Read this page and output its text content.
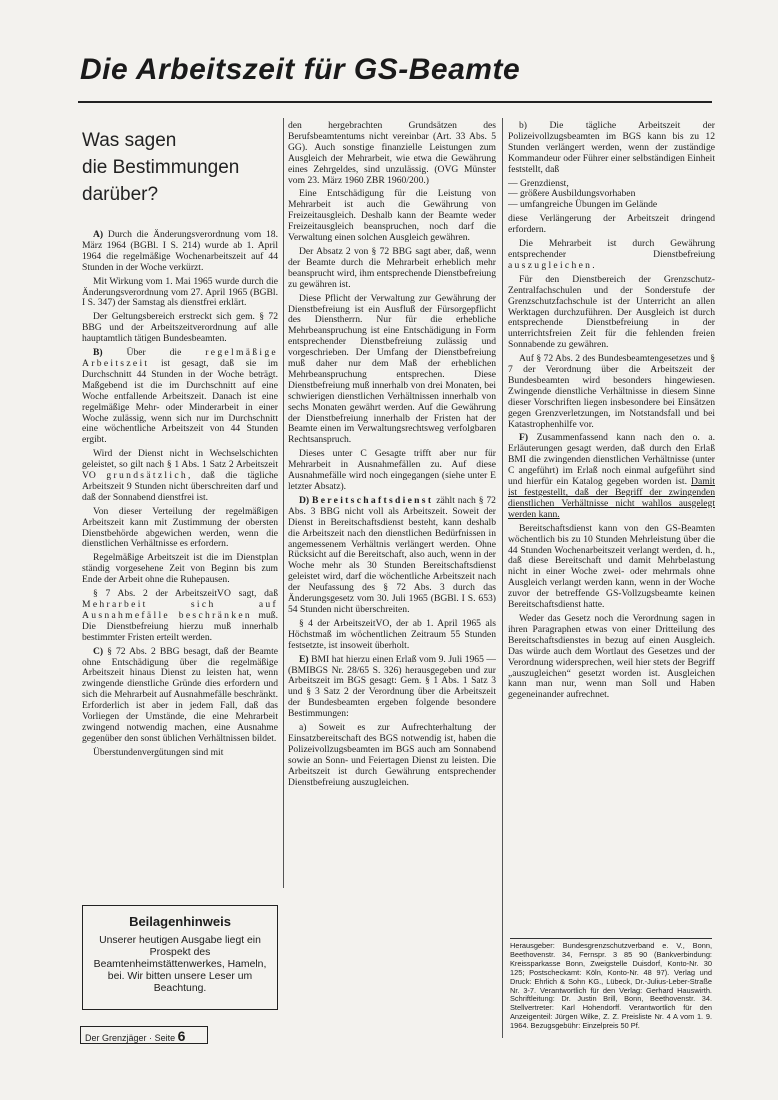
Die Arbeitszeit für GS-Beamte
Was sagen
die Bestimmungen
darüber?

A) Durch die Änderungsverordnung vom 18. März 1964 (BGBl. I S. 214) wurde ab 1. April 1964 die regelmäßige Wochenarbeitszeit auf 44 Stunden in der Woche verkürzt.

Mit Wirkung vom 1. Mai 1965 wurde durch die Änderungsverordnung vom 27. April 1965 (BGBl. I S. 347) der Samstag als dienstfrei erklärt.

Der Geltungsbereich erstreckt sich gem. § 72 BBG und der Arbeitszeitverordnung auf alle hauptamtlich tätigen Bundesbeamten.

B) Über die regelmäßige Arbeitszeit ist gesagt, daß sie im Durchschnitt 44 Stunden in der Woche beträgt. Maßgebend ist die im Durchschnitt auf eine Woche entfallende Arbeitszeit. Danach ist eine regelmäßige Mehr- oder Minderarbeit in einer Woche zulässig, wenn sich nur im Durchschnitt eine wöchentliche Arbeitszeit von 44 Stunden ergibt.

Wird der Dienst nicht in Wechselschichten geleistet, so gilt nach § 1 Abs. 1 Satz 2 Arbeitszeit VO grundsätzlich, daß die tägliche Arbeitszeit 9 Stunden nicht überschreiten darf und daß der Sonnabend dienstfrei ist.

Von dieser Verteilung der regelmäßigen Arbeitszeit kann mit Zustimmung der obersten Dienstbehörde abgewichen werden, wenn die dienstlichen Verhältnisse es erfordern.

Regelmäßige Arbeitszeit ist die im Dienstplan ständig vorgesehene Zeit von Beginn bis zum Ende der Arbeit ohne die Ruhepausen.

§ 7 Abs. 2 der ArbeitszeitVO sagt, daß Mehrarbeit sich auf Ausnahmefälle beschränken muß. Die Dienstbefreiung hierzu muß innerhalb bestimmter Fristen erteilt werden.

C) § 72 Abs. 2 BBG besagt, daß der Beamte ohne Entschädigung über die regelmäßige Arbeitszeit hinaus Dienst zu leisten hat, wenn zwingende dienstliche Gründe dies erfordern und sich die Mehrarbeit auf Ausnahmefälle beschränkt. Erforderlich ist aber in jedem Fall, daß das Vorliegen der Umstände, die eine Mehrarbeit zwingend notwendig machen, eine Ausnahme gegenüber den sonst üblichen Verhältnissen bildet.

Überstundenvergütungen sind mit

den hergebrachten Grundsätzen des Berufsbeamtentums nicht vereinbar (Art. 33 Abs. 5 GG). Auch sonstige finanzielle Leistungen zum Ausgleich der Mehrarbeit, wie etwa die Gewährung eines Zehrgeldes, sind unzulässig. (OVG Münster vom 23. März 1960 ZBR 1960/200.)

Eine Entschädigung für die Leistung von Mehrarbeit ist auch die Gewährung von Freizeitausgleich. Deshalb kann der Beamte weder Freizeitausgleich beanspruchen, noch darf die Verwaltung einen solchen Ausgleich gewähren.

Der Absatz 2 von § 72 BBG sagt aber, daß, wenn der Beamte durch die Mehrarbeit erheblich mehr beansprucht wird, ihm entsprechende Dienstbefreiung zu gewähren ist.

Diese Pflicht der Verwaltung zur Gewährung der Dienstbefreiung ist ein Ausfluß der Fürsorgepflicht des Dienstherrn. Nur für die erhebliche Mehrbeanspruchung ist eine Entschädigung in Form entsprechender Dienstbefreiung zulässig und vorgeschrieben. Der Umfang der Dienstbefreiung muß daher nur dem Maß der erheblichen Mehrbeanspruchung entsprechen. Diese Dienstbefreiung muß innerhalb von drei Monaten, bei schwierigen dienstlichen Verhältnissen innerhalb von sechs Monaten gewährt werden. Auf die Gewährung der Dienstbefreiung innerhalb der Fristen hat der Beamte einen im Verwaltungsrechtsweg verfolgbaren Rechtsanspruch.

Dieses unter C Gesagte trifft aber nur für Mehrarbeit in Ausnahmefällen zu. Auf diese Ausnahmefälle wird noch eingegangen (siehe unter E letzter Absatz).

D) Bereitschaftsdienst zählt nach § 72 Abs. 3 BBG nicht voll als Arbeitszeit. Soweit der Dienst in Bereitschaftsdienst besteht, kann deshalb die Arbeitszeit nach den dienstlichen Bedürfnissen in angemessenem Verhältnis verlängert werden. Ohne Rücksicht auf die Bereitschaft, also auch, wenn in der Woche mehr als 30 Stunden Bereitschaftsdienst geleistet wird, darf die wöchentliche Arbeitszeit nach der Neufassung des § 72 Abs. 3 durch das Änderungsgesetz vom 30. Juli 1965 (BGBl. I S. 653) 54 Stunden nicht überschreiten.

§ 4 der ArbeitszeitVO, der ab 1. April 1965 als Höchstmaß im wöchentlichen Zeitraum 55 Stunden festsetzte, ist insoweit überholt.

E) BMI hat hierzu einen Erlaß vom 9. Juli 1965 — (BMIBGS Nr. 28/65 S. 326) herausgegeben und zur Arbeitszeit im BGS gesagt: Gem. § 1 Abs. 1 Satz 3 und § 3 Satz 2 der Verordnung über die Arbeitszeit der Bundesbeamten ergeben folgende besondere Bestimmungen:

a) Soweit es zur Aufrechterhaltung der Einsatzbereitschaft des BGS notwendig ist, haben die Polizeivollzugsbeamten im BGS auch am Sonnabend sowie an Sonn- und Feiertagen Dienst zu leisten. Die Arbeitszeit ist durch Gewährung entsprechender Dienstbefreiung auszugleichen.

b) Die tägliche Arbeitszeit der Polizeivollzugsbeamten im BGS kann bis zu 12 Stunden verlängert werden, wenn der zuständige Kommandeur oder Führer einer selbständigen Einheit feststellt, daß

— Grenzdienst,
— größere Ausbildungsvorhaben
— umfangreiche Übungen im Gelände

diese Verlängerung der Arbeitszeit dringend erfordern.

Die Mehrarbeit ist durch Gewährung entsprechender Dienstbefreiung auszugleichen.

Für den Dienstbereich der Grenzschutz-Zentralfachschulen und der Sonderstufe der Grenzschutzfachschule ist der Unterricht an allen Werktagen durchzuführen. Der Ausgleich ist durch entsprechende Dienstbefreiung in der unterrichtsfreien Zeit für die fehlenden freien Sonnabende zu gewähren.

Auf § 72 Abs. 2 des Bundesbeamtengesetzes und § 7 der Verordnung über die Arbeitszeit der Bundesbeamten wird besonders hingewiesen. Zwingende dienstliche Verhältnisse in diesem Sinne dieser Vorschriften liegen insbesondere bei Einsätzen gegen Grenzverletzungen, im Notstandsfall und bei Katastrophenhilfe vor.

F) Zusammenfassend kann nach den o. a. Erläuterungen gesagt werden, daß durch den Erlaß BMI die zwingenden dienstlichen Verhältnisse (unter C angeführt) im Erlaß noch einmal aufgeführt sind und hierfür ein Katalog gegeben worden ist. Damit ist festgestellt, daß der Begriff der zwingenden dienstlichen Verhältnisse nicht wahllos ausgelegt werden kann.

Bereitschaftsdienst kann von den GS-Beamten wöchentlich bis zu 10 Stunden Mehrleistung über die 44 Stunden Wochenarbeitszeit verlangt werden, d. h., daß diese Bereitschaft und damit Mehrbelastung nicht in einer Woche zwei- oder mehrmals ohne Ausgleich verlangt werden kann, wenn in der Woche zuvor der betreffende GS-Vollzugsbeamte keinen Bereitschaftsdienst hatte.

Weder das Gesetz noch die Verordnung sagen in ihren Paragraphen etwas von einer Dritteilung des Bereitschaftsdienstes in bezug auf einen Ausgleich. Das würde auch dem Wortlaut des Gesetzes und der Verordnung widersprechen, weil hier stets der Begriff „auszugleichen“ gesetzt worden ist. Ausgleichen kann man nur, wenn man Soll und Haben gegeneinander aufrechnet.

Beilagenhinweis
Unserer heutigen Ausgabe liegt ein Prospekt des Beamtenheimstättenwerkes, Hameln, bei. Wir bitten unsere Leser um Beachtung.
Der Grenzjäger · Seite 6

Herausgeber: Bundesgrenzschutzverband e. V., Bonn, Beethovenstr. 34, Fernspr. 3 85 90 (Bankverbindung: Kreissparkasse Bonn, Zweigstelle Duisdorf, Konto-Nr. 30 125; Postscheckamt: Köln, Konto-Nr. 48 97). Verlag und Druck: Ehrlich & Sohn KG., Lübeck, Dr.-Julius-Leber-Straße Nr. 3-7. Verantwortlich für den Verlag: Gerhard Hauswirth. Schriftleitung: Dr. Justin Brill, Bonn, Beethovenstr. 34. Stellvertreter: Karl Hohendorff. Verantwortlich für den Anzeigenteil: Jürgen Wilke, Z. Z. Preisliste Nr. 4 A vom 1. 9. 1964. Bezugsgebühr: Einzelpreis 50 Pf.
